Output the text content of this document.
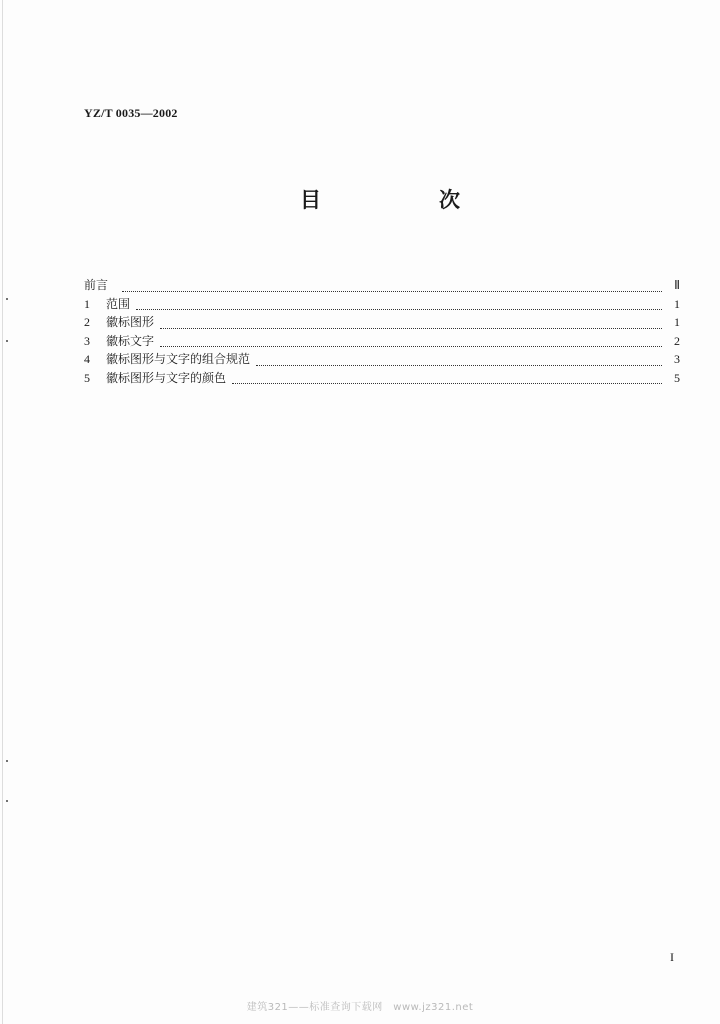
YZ/T 0035—2002
目	次
前言	Ⅱ
1	范围	1
2	徽标图形	1
3	徽标文字	2
4	徽标图形与文字的组合规范	3
5	徽标图形与文字的颜色	5
I
建筑321——标准查询下载网　www.jz321.net
